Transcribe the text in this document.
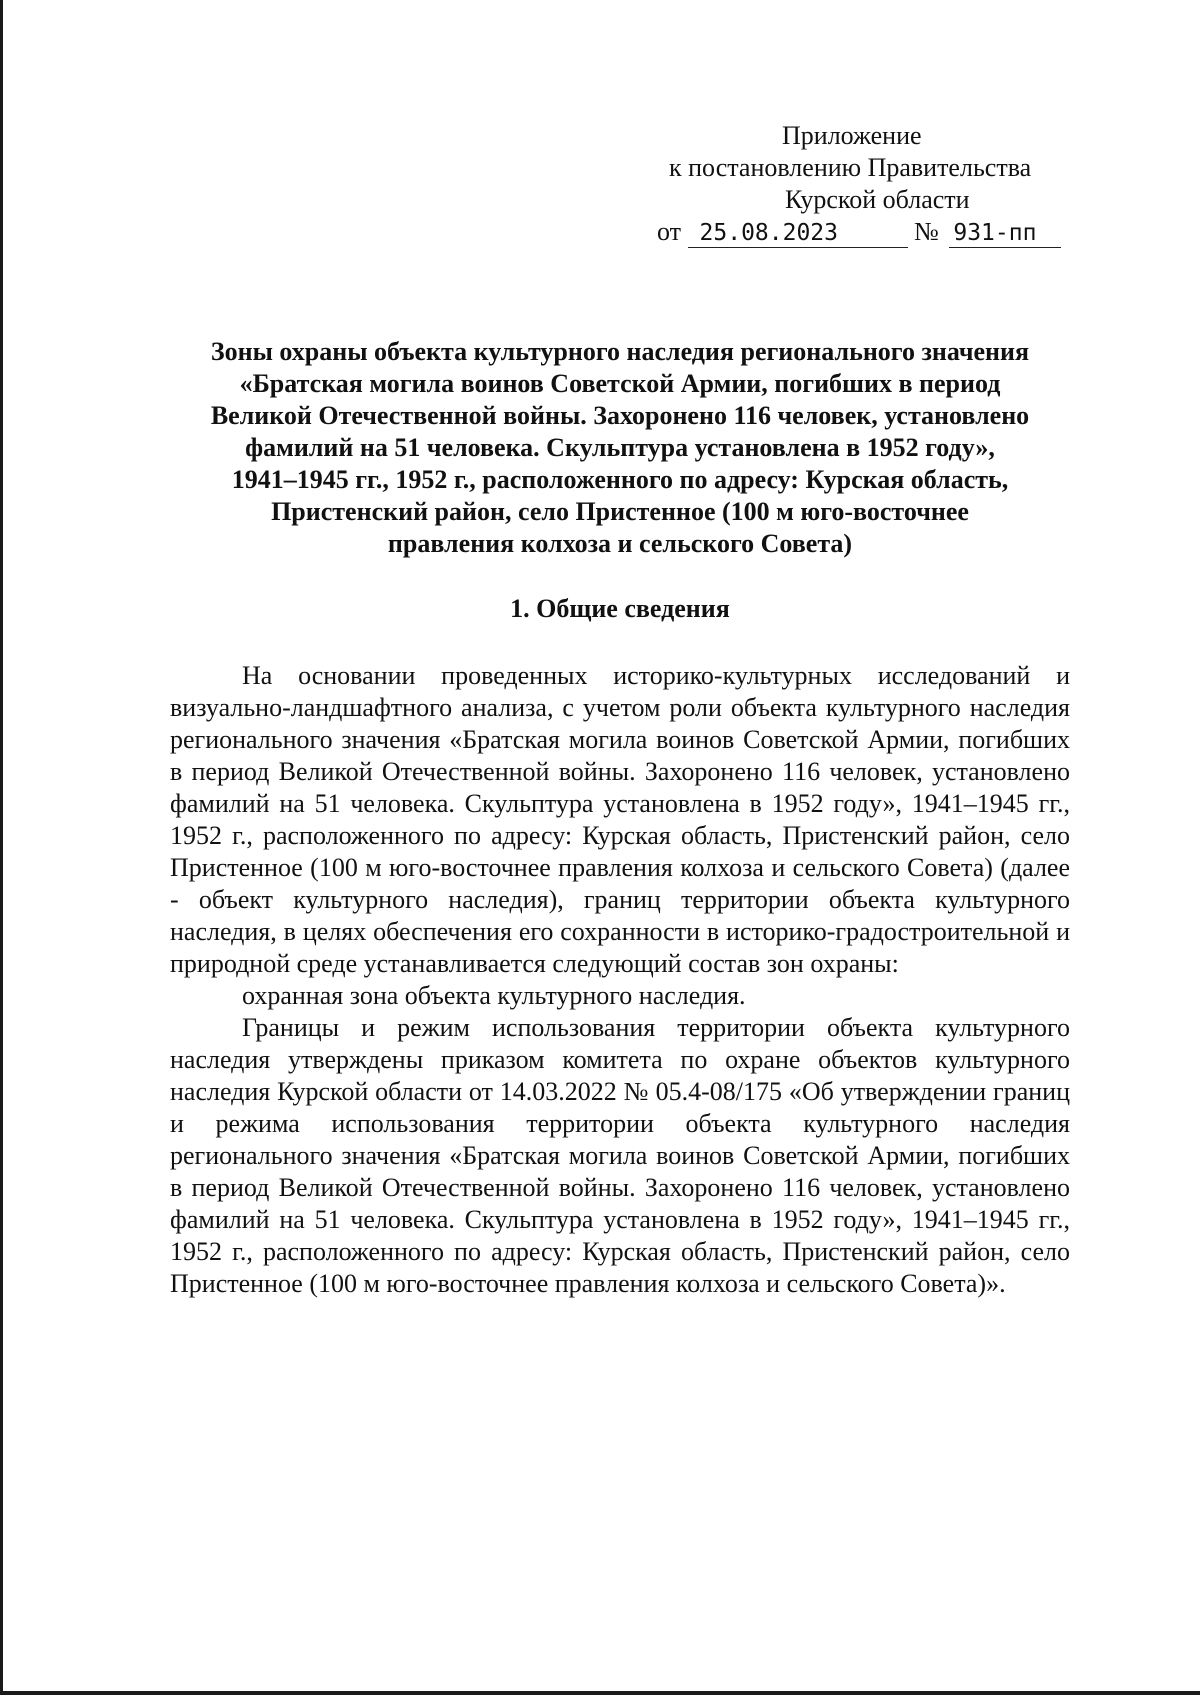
Приложение
к постановлению Правительства
Курской области
от 25.08.2023	№ 931-пп
Зоны охраны объекта культурного наследия регионального значения
«Братская могила воинов Советской Армии, погибших в период
Великой Отечественной войны. Захоронено 116 человек, установлено
фамилий на 51 человека. Скульптура установлена в 1952 году»,
1941–1945 гг., 1952 г., расположенного по адресу: Курская область,
Пристенский район, село Пристенное (100 м юго-восточнее
правления колхоза и сельского Совета)
1. Общие сведения

На основании проведенных историко-культурных исследований и визуально-ландшафтного анализа, с учетом роли объекта культурного наследия регионального значения «Братская могила воинов Советской Армии, погибших в период Великой Отечественной войны. Захоронено 116 человек, установлено фамилий на 51 человека. Скульптура установлена в 1952 году», 1941–1945 гг., 1952 г., расположенного по адресу: Курская область, Пристенский район, село Пристенное (100 м юго-восточнее правления колхоза и сельского Совета) (далее - объект культурного наследия), границ территории объекта культурного наследия, в целях обеспечения его сохранности в историко-градостроительной и природной среде устанавливается следующий состав зон охраны:

охранная зона объекта культурного наследия.

Границы и режим использования территории объекта культурного наследия утверждены приказом комитета по охране объектов культурного наследия Курской области от 14.03.2022 № 05.4-08/175 «Об утверждении границ и режима использования территории объекта культурного наследия регионального значения «Братская могила воинов Советской Армии, погибших в период Великой Отечественной войны. Захоронено 116 человек, установлено фамилий на 51 человека. Скульптура установлена в 1952 году», 1941–1945 гг., 1952 г., расположенного по адресу: Курская область, Пристенский район, село Пристенное (100 м юго-восточнее правления колхоза и сельского Совета)».
